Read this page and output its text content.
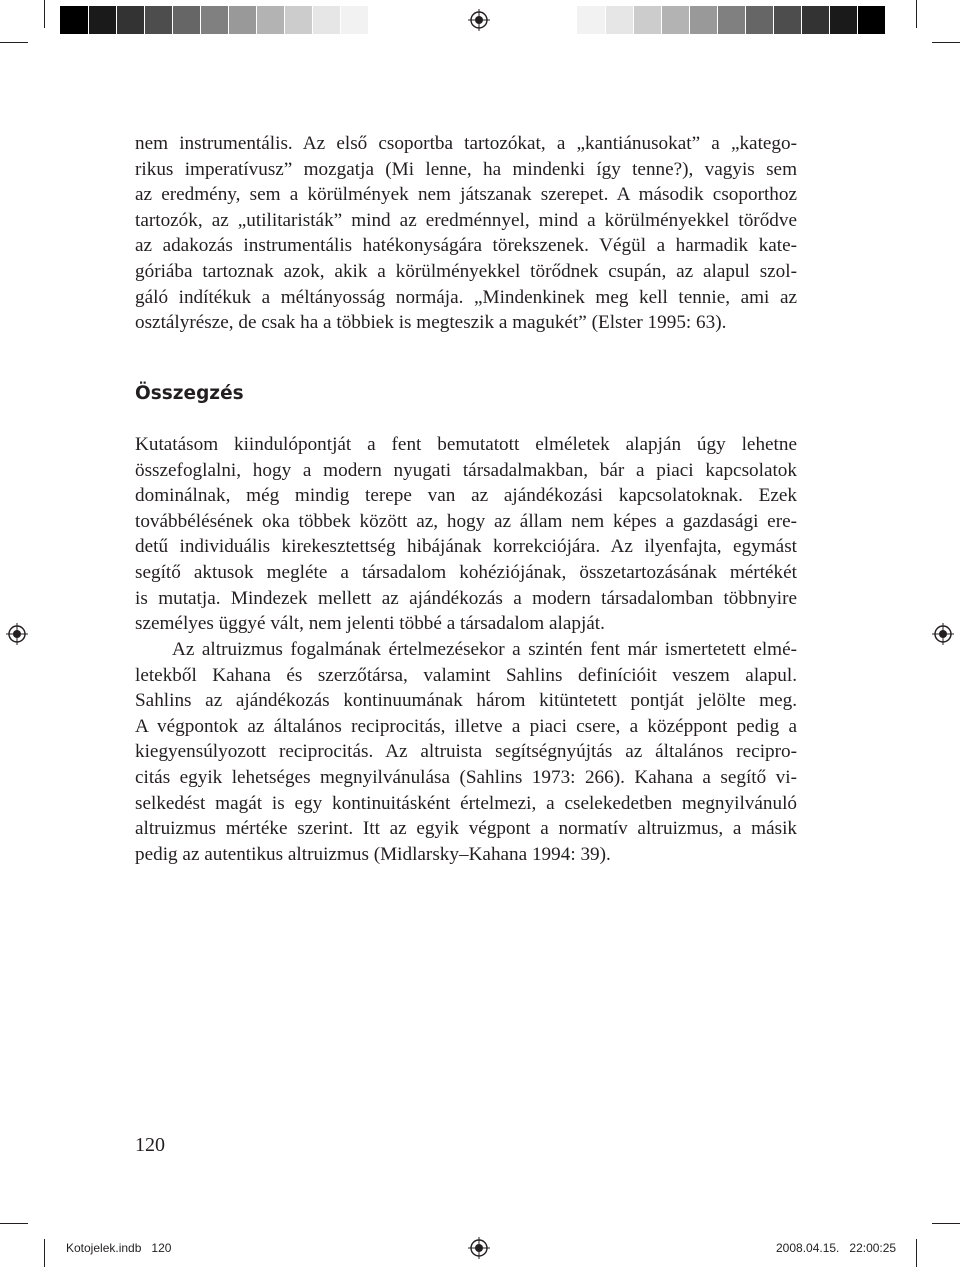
nem instrumentális. Az első csoportba tartozókat, a „kantiánusokat” a „katego-
rikus imperatívusz” mozgatja (Mi lenne, ha mindenki így tenne?), vagyis sem
az eredmény, sem a körülmények nem játszanak szerepet. A második csoporthoz
tartozók, az „utilitaristák” mind az eredménnyel, mind a körülményekkel törődve
az adakozás instrumentális hatékonyságára törekszenek. Végül a harmadik kate-
góriába tartoznak azok, akik a körülményekkel törődnek csupán, az alapul szol-
gáló indítékuk a méltányosság normája. „Mindenkinek meg kell tennie, ami az
osztályrésze, de csak ha a többiek is megteszik a magukét” (Elster 1995: 63).

Összegzés

Kutatásom kiindulópontját a fent bemutatott elméletek alapján úgy lehetne
összefoglalni, hogy a modern nyugati társadalmakban, bár a piaci kapcsolatok
dominálnak, még mindig terepe van az ajándékozási kapcsolatoknak. Ezek
továbbélésének oka többek között az, hogy az állam nem képes a gazdasági ere-
detű individuális kirekesztettség hibájának korrekciójára. Az ilyenfajta, egymást
segítő aktusok megléte a társadalom kohéziójának, összetartozásának mértékét
is mutatja. Mindezek mellett az ajándékozás a modern társadalomban többnyire
személyes üggyé vált, nem jelenti többé a társadalom alapját.

Az altruizmus fogalmának értelmezésekor a szintén fent már ismertetett elmé-
letekből Kahana és szerzőtársa, valamint Sahlins definícióit veszem alapul.
Sahlins az ajándékozás kontinuumának három kitüntetett pontját jelölte meg.
A végpontok az általános reciprocitás, illetve a piaci csere, a középpont pedig a
kiegyensúlyozott reciprocitás. Az altruista segítségnyújtás az általános recipro-
citás egyik lehetséges megnyilvánulása (Sahlins 1973: 266). Kahana a segítő vi-
selkedést magát is egy kontinuitásként értelmezi, a cselekedetben megnyilvánuló
altruizmus mértéke szerint. Itt az egyik végpont a normatív altruizmus, a másik
pedig az autentikus altruizmus (Midlarsky–Kahana 1994: 39).

120
Kotojelek.indb   120	2008.04.15.   22:00:25
